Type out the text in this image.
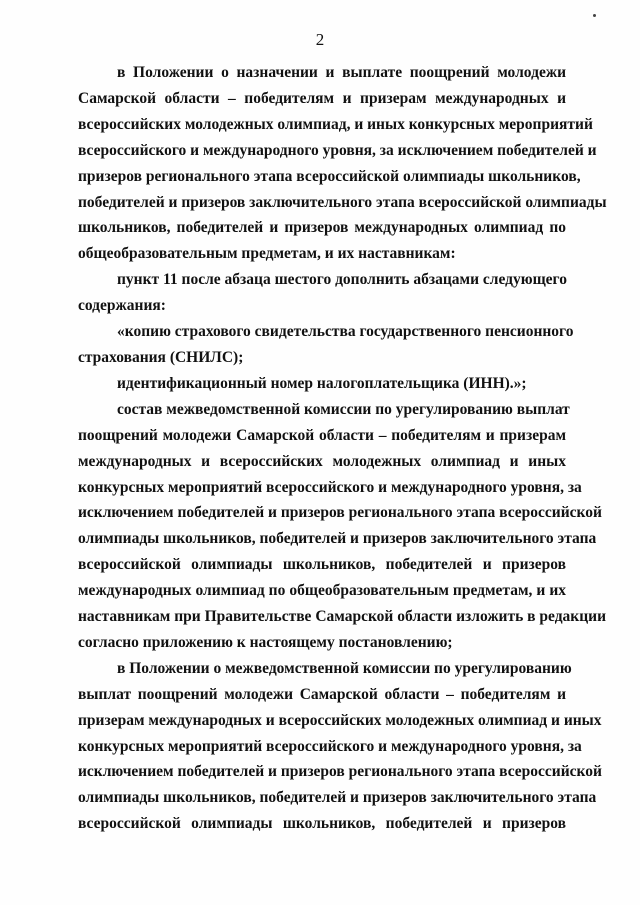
2

в Положении о назначении и выплате поощрений молодежи
Самарской области – победителям и призерам международных и
всероссийских молодежных олимпиад, и иных конкурсных мероприятий
всероссийского и международного уровня, за исключением победителей и
призеров регионального этапа всероссийской олимпиады школьников,
победителей и призеров заключительного этапа всероссийской олимпиады
школьников, победителей и призеров международных олимпиад по
общеобразовательным предметам, и их наставникам:

пункт 11 после абзаца шестого дополнить абзацами следующего
содержания:

«копию страхового свидетельства государственного пенсионного
страхования (СНИЛС);

идентификационный номер налогоплательщика (ИНН).»;

состав межведомственной комиссии по урегулированию выплат
поощрений молодежи Самарской области – победителям и призерам
международных и всероссийских молодежных олимпиад и иных
конкурсных мероприятий всероссийского и международного уровня, за
исключением победителей и призеров регионального этапа всероссийской
олимпиады школьников, победителей и призеров заключительного этапа
всероссийской олимпиады школьников, победителей и призеров
международных олимпиад по общеобразовательным предметам, и их
наставникам при Правительстве Самарской области изложить в редакции
согласно приложению к настоящему постановлению;

в Положении о межведомственной комиссии по урегулированию
выплат поощрений молодежи Самарской области – победителям и
призерам международных и всероссийских молодежных олимпиад и иных
конкурсных мероприятий всероссийского и международного уровня, за
исключением победителей и призеров регионального этапа всероссийской
олимпиады школьников, победителей и призеров заключительного этапа
всероссийской олимпиады школьников, победителей и призеров
